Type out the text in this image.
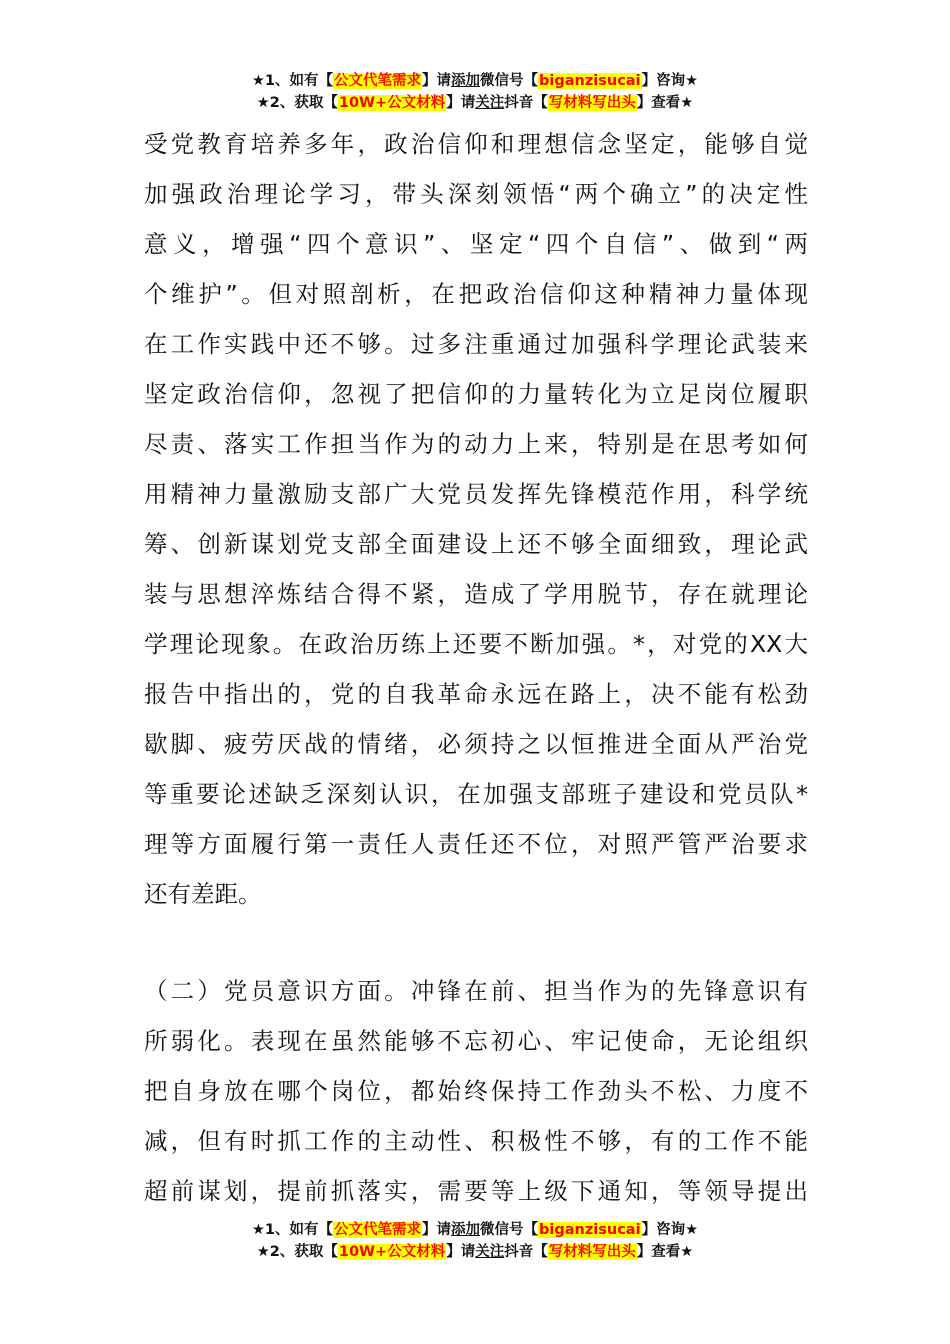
★1、如有【公文代笔需求】请添加微信号【biganzisucai】咨询★
★2、获取【10W+公文材料】请关注抖音【写材料写出头】查看★
受党教育培养多年，政治信仰和理想信念坚定，能够自觉
加强政治理论学习，带头深刻领悟“两个确立”的决定性
意义，增强“四个意识”、坚定“四个自信”、做到“两
个维护”。但对照剖析，在把政治信仰这种精神力量体现
在工作实践中还不够。过多注重通过加强科学理论武装来
坚定政治信仰，忽视了把信仰的力量转化为立足岗位履职
尽责、落实工作担当作为的动力上来，特别是在思考如何
用精神力量激励支部广大党员发挥先锋模范作用，科学统
筹、创新谋划党支部全面建设上还不够全面细致，理论武
装与思想淬炼结合得不紧，造成了学用脱节，存在就理论
学理论现象。在政治历练上还要不断加强。*，对党的XX大
报告中指出的，党的自我革命永远在路上，决不能有松劲
歇脚、疲劳厌战的情绪，必须持之以恒推进全面从严治党
等重要论述缺乏深刻认识，在加强支部班子建设和党员队*
理等方面履行第一责任人责任还不位，对照严管严治要求
还有差距。
（二）党员意识方面。冲锋在前、担当作为的先锋意识有
所弱化。表现在虽然能够不忘初心、牢记使命，无论组织
把自身放在哪个岗位，都始终保持工作劲头不松、力度不
减，但有时抓工作的主动性、积极性不够，有的工作不能
超前谋划，提前抓落实，需要等上级下通知，等领导提出
★1、如有【公文代笔需求】请添加微信号【biganzisucai】咨询★
★2、获取【10W+公文材料】请关注抖音【写材料写出头】查看★
